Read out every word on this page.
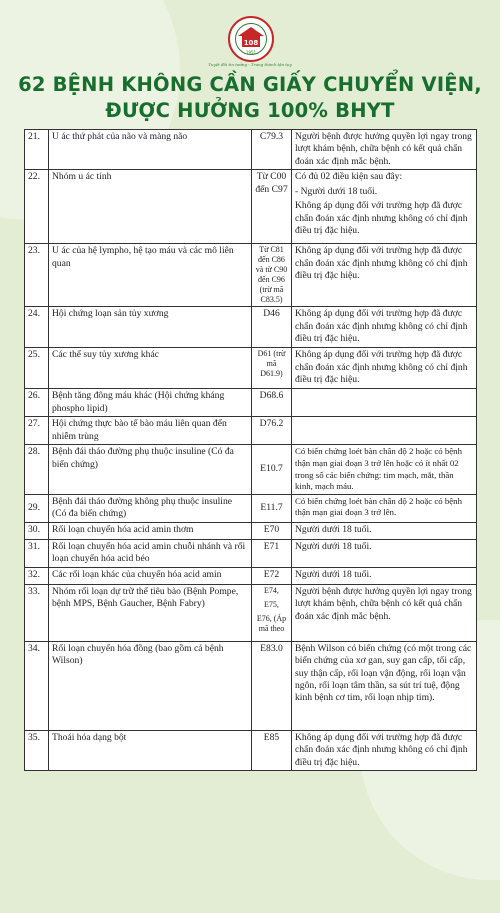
108
1951
Tuyệt đối tin tưởng - Trung thành tận tụy
62 BỆNH KHÔNG CẦN GIẤY CHUYỂN VIỆN,
ĐƯỢC HƯỞNG 100% BHYT
21.	U ác thứ phát của não và màng não	C79.3	Người bệnh được hưởng quyền lợi ngay trong lượt khám bệnh, chữa bệnh có kết quả chẩn đoán xác định mắc bệnh.

22.	Nhóm u ác tính	Từ C00 đến C97	Có đủ 02 điều kiện sau đây:
- Người dưới 18 tuổi.
Không áp dụng đối với trường hợp đã được chẩn đoán xác định nhưng không có chỉ định điều trị đặc hiệu.

23.	U ác của hệ lympho, hệ tạo máu và các mô liên quan	Từ C81 đến C86 và từ C90 đến C96 (trừ mã C83.5)	Không áp dụng đối với trường hợp đã được chẩn đoán xác định nhưng không có chỉ định điều trị đặc hiệu.

24.	Hội chứng loạn sản tủy xương	D46	Không áp dụng đối với trường hợp đã được chẩn đoán xác định nhưng không có chỉ định điều trị đặc hiệu.

25.	Các thể suy tủy xương khác	D61 (trừ mã D61.9)	Không áp dụng đối với trường hợp đã được chẩn đoán xác định nhưng không có chỉ định điều trị đặc hiệu.

26.	Bệnh tăng đông máu khác (Hội chứng kháng phospho lipid)	D68.6	

27.	Hội chứng thực bào tế bào máu liên quan đến nhiễm trùng	D76.2	

28.	Bệnh đái tháo đường phụ thuộc insuline (Có đa biến chứng)	E10.7	Có biến chứng loét bàn chân độ 2 hoặc có bệnh thận mạn giai đoạn 3 trở lên hoặc có ít nhất 02 trong số các biến chứng: tim mạch, mắt, thần kinh, mạch máu.

29.	Bệnh đái tháo đường không phụ thuộc insuline (Có đa biến chứng)	E11.7	Có biến chứng loét bàn chân độ 2 hoặc có bệnh thận mạn giai đoạn 3 trở lên.

30.	Rối loạn chuyển hóa acid amin thơm	E70	Người dưới 18 tuổi.

31.	Rối loạn chuyển hóa acid amin chuỗi nhánh và rối loạn chuyển hóa acid béo	E71	Người dưới 18 tuổi.

32.	Các rối loạn khác của chuyển hóa acid amin	E72	Người dưới 18 tuổi.

33.	Nhóm rối loạn dự trữ thể tiêu bào (Bệnh Pompe, bệnh MPS, Bệnh Gaucher, Bệnh Fabry)	E74,
E75,
E76, (Áp mã theo	Người bệnh được hưởng quyền lợi ngay trong lượt khám bệnh, chữa bệnh có kết quả chẩn đoán xác định mắc bệnh.

34.	Rối loạn chuyển hóa đồng (bao gồm cả bệnh Wilson)	E83.0	Bệnh Wilson có biến chứng (có một trong các biến chứng của xơ gan, suy gan cấp, tổi cấp, suy thận cấp, rối loạn vận động, rối loạn vận ngôn, rối loạn tâm thần, sa sút trí tuệ, động kinh bệnh cơ tim, rối loạn nhịp tim).

35.	Thoái hóa dạng bột	E85	Không áp dụng đối với trường hợp đã được chẩn đoán xác định nhưng không có chỉ định điều trị đặc hiệu.
